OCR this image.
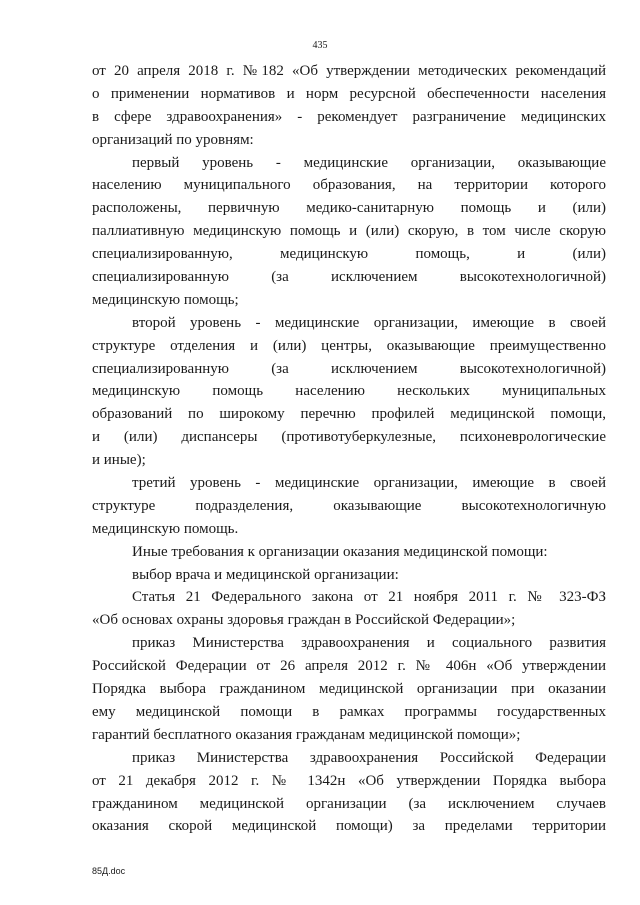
435
от 20 апреля 2018 г. №182 «Об утверждении методических рекомендаций
о применении нормативов и норм ресурсной обеспеченности населения
в сфере здравоохранения» - рекомендует разграничение медицинских
организаций по уровням:
первый уровень - медицинские организации, оказывающие
населению муниципального образования, на территории которого
расположены, первичную медико-санитарную помощь и (или)
паллиативную медицинскую помощь и (или) скорую, в том числе скорую
специализированную, медицинскую помощь, и (или)
специализированную (за исключением высокотехнологичной)
медицинскую помощь;
второй уровень - медицинские организации, имеющие в своей
структуре отделения и (или) центры, оказывающие преимущественно
специализированную (за исключением высокотехнологичной)
медицинскую помощь населению нескольких муниципальных
образований по широкому перечню профилей медицинской помощи,
и (или) диспансеры (противотуберкулезные, психоневрологические
и иные);
третий уровень - медицинские организации, имеющие в своей
структуре подразделения, оказывающие высокотехнологичную
медицинскую помощь.
Иные требования к организации оказания медицинской помощи:
выбор врача и медицинской организации:
Статья 21 Федерального закона от 21 ноября 2011 г. № 323-ФЗ
«Об основах охраны здоровья граждан в Российской Федерации»;
приказ Министерства здравоохранения и социального развития
Российской Федерации от 26 апреля 2012 г. № 406н «Об утверждении
Порядка выбора гражданином медицинской организации при оказании
ему медицинской помощи в рамках программы государственных
гарантий бесплатного оказания гражданам медицинской помощи»;
приказ Министерства здравоохранения Российской Федерации
от 21 декабря 2012 г. № 1342н «Об утверждении Порядка выбора
гражданином медицинской организации (за исключением случаев
оказания скорой медицинской помощи) за пределами территории
85Д.doc
